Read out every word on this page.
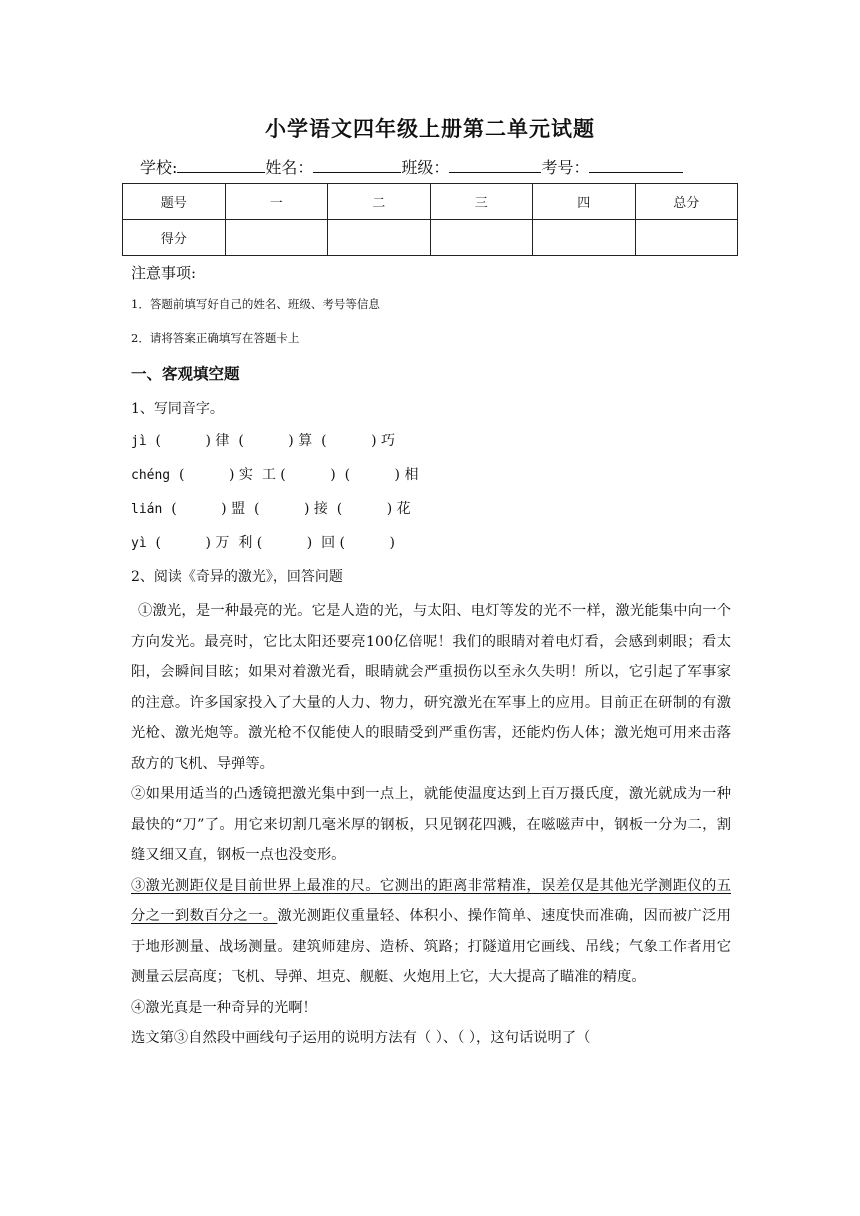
小学语文四年级上册第二单元试题
学校:	姓名：	班级：	考号：
题号	一	二	三	四	总分
得分					
注意事项:
1．答题前填写好自己的姓名、班级、考号等信息
2．请将答案正确填写在答题卡上
一、客观填空题
1、写同音字。
jì  (          ) 律  (          ) 算  (          ) 巧
chéng  (          ) 实  工 (          )  (          ) 相
lián  (          ) 盟  (          ) 接  (          ) 花
yì  (          ) 万  利 (          )  回 (          )
2、阅读《奇异的激光》，回答问题

①激光，是一种最亮的光。它是人造的光，与太阳、电灯等发的光不一样，激光能集中向一个方向发光。最亮时，它比太阳还要亮100亿倍呢！我们的眼睛对着电灯看，会感到刺眼；看太阳，会瞬间目眩；如果对着激光看，眼睛就会严重损伤以至永久失明！所以，它引起了军事家的注意。许多国家投入了大量的人力、物力，研究激光在军事上的应用。目前正在研制的有激光枪、激光炮等。激光枪不仅能使人的眼睛受到严重伤害，还能灼伤人体；激光炮可用来击落敌方的飞机、导弹等。

②如果用适当的凸透镜把激光集中到一点上，就能使温度达到上百万摄氏度，激光就成为一种最快的“刀”了。用它来切割几毫米厚的钢板，只见钢花四溅，在嗞嗞声中，钢板一分为二，割缝又细又直，钢板一点也没变形。

③激光测距仪是目前世界上最准的尺。它测出的距离非常精准，误差仅是其他光学测距仪的五分之一到数百分之一。激光测距仪重量轻、体积小、操作简单、速度快而准确，因而被广泛用于地形测量、战场测量。建筑师建房、造桥、筑路；打隧道用它画线、吊线；气象工作者用它测量云层高度；飞机、导弹、坦克、舰艇、火炮用上它，大大提高了瞄准的精度。

④激光真是一种奇异的光啊！

选文第③自然段中画线句子运用的说明方法有（ ）、（ ），这句话说明了（
